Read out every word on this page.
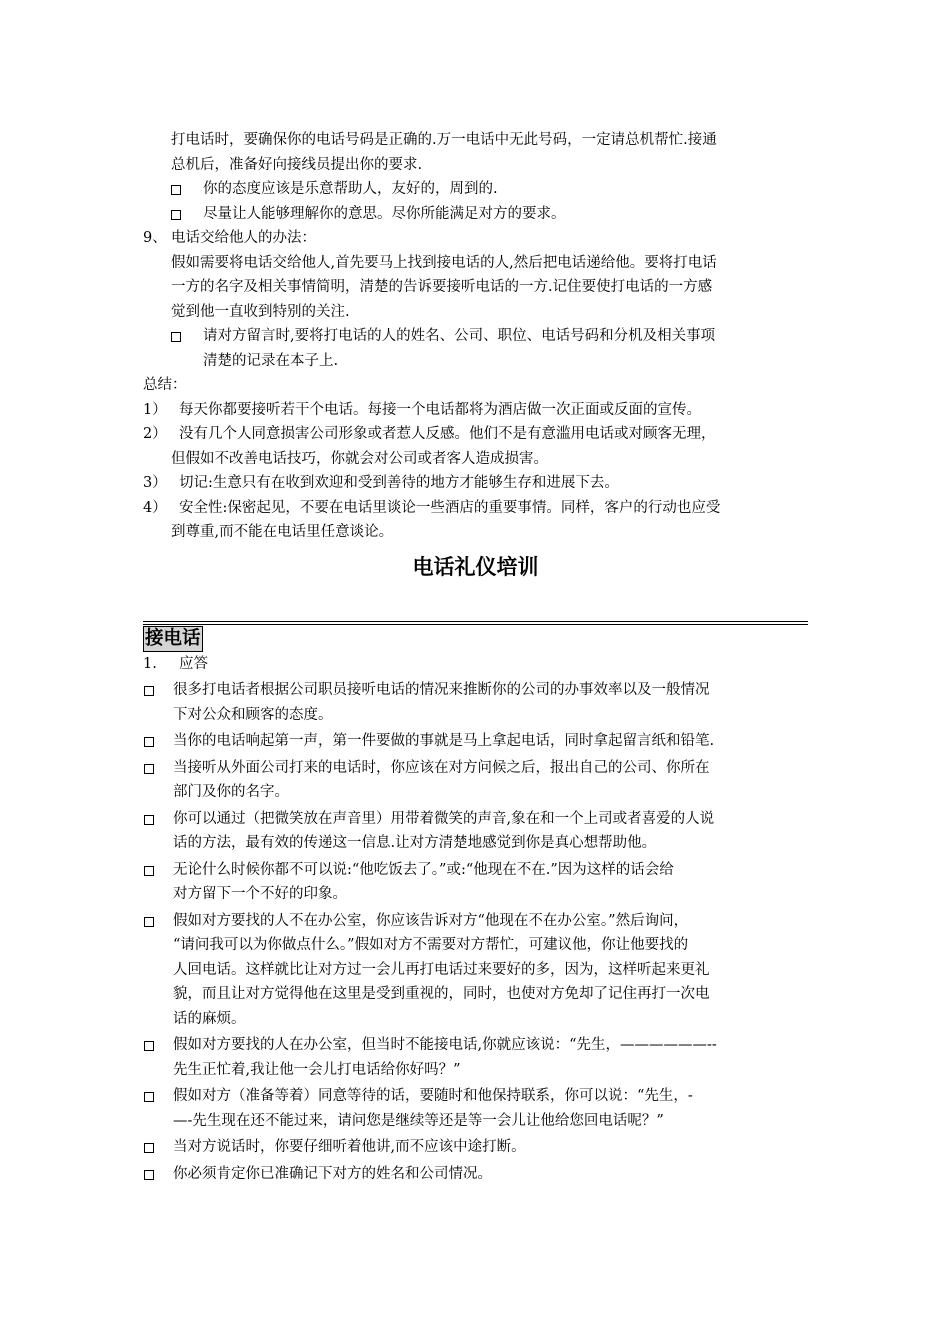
打电话时，要确保你的电话号码是正确的.万一电话中无此号码，一定请总机帮忙.接通
总机后，准备好向接线员提出你的要求.
你的态度应该是乐意帮助人，友好的，周到的.
尽量让人能够理解你的意思。尽你所能满足对方的要求。
9、 电话交给他人的办法：
假如需要将电话交给他人,首先要马上找到接电话的人,然后把电话递给他。要将打电话
一方的名字及相关事情简明，清楚的告诉要接听电话的一方.记住要使打电话的一方感
觉到他一直收到特别的关注.
请对方留言时,要将打电话的人的姓名、公司、职位、电话号码和分机及相关事项
清楚的记录在本子上.
总结：
1） 每天你都要接听若干个电话。每接一个电话都将为酒店做一次正面或反面的宣传。
2） 没有几个人同意损害公司形象或者惹人反感。他们不是有意滥用电话或对顾客无理，
但假如不改善电话技巧，你就会对公司或者客人造成损害。
3） 切记:生意只有在收到欢迎和受到善待的地方才能够生存和进展下去。
4） 安全性:保密起见，不要在电话里谈论一些酒店的重要事情。同样，客户的行动也应受
到尊重,而不能在电话里任意谈论。
电话礼仪培训
接电话
1. 应答
很多打电话者根据公司职员接听电话的情况来推断你的公司的办事效率以及一般情况
下对公众和顾客的态度。
当你的电话响起第一声，第一件要做的事就是马上拿起电话，同时拿起留言纸和铅笔.
当接听从外面公司打来的电话时，你应该在对方问候之后，报出自己的公司、你所在
部门及你的名字。
你可以通过（把微笑放在声音里）用带着微笑的声音,象在和一个上司或者喜爱的人说
话的方法，最有效的传递这一信息.让对方清楚地感觉到你是真心想帮助他。
无论什么时候你都不可以说:“他吃饭去了。”或:“他现在不在.”因为这样的话会给
对方留下一个不好的印象。
假如对方要找的人不在办公室，你应该告诉对方“他现在不在办公室。”然后询问，
“请问我可以为你做点什么。”假如对方不需要对方帮忙，可建议他，你让他要找的
人回电话。这样就比让对方过一会儿再打电话过来要好的多，因为，这样听起来更礼
貌，而且让对方觉得他在这里是受到重视的，同时，也使对方免却了记住再打一次电
话的麻烦。
假如对方要找的人在办公室，但当时不能接电话,你就应该说：“先生，——————--
先生正忙着,我让他一会儿打电话给你好吗？”
假如对方（准备等着）同意等待的话，要随时和他保持联系，你可以说：“先生，-
—-先生现在还不能过来，请问您是继续等还是等一会儿让他给您回电话呢？”
当对方说话时，你要仔细听着他讲,而不应该中途打断。
你必须肯定你已准确记下对方的姓名和公司情况。
